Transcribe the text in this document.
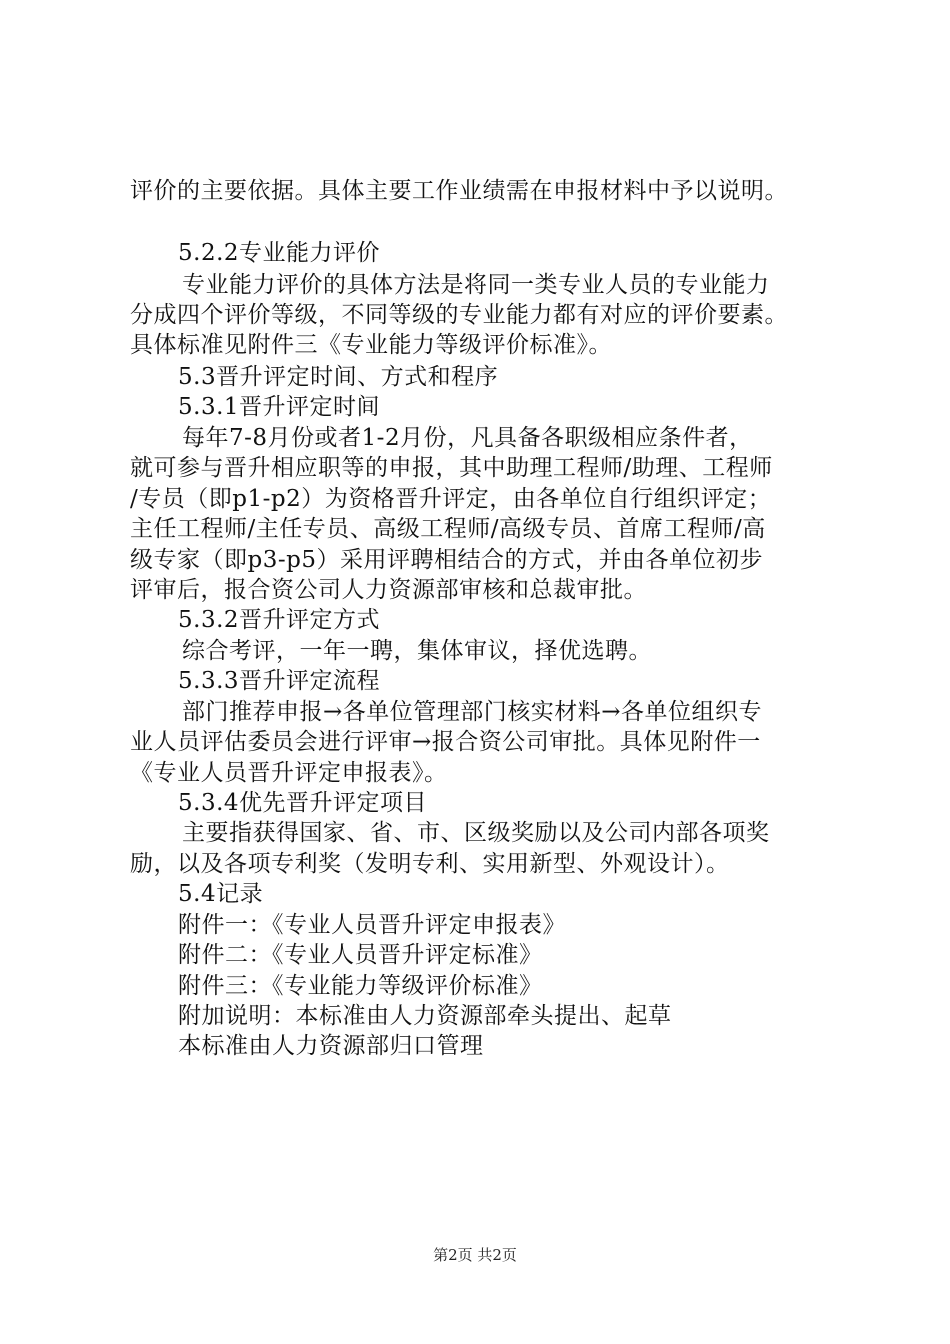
评价的主要依据。具体主要工作业绩需在申报材料中予以说明。
5.2.2专业能力评价
专业能力评价的具体方法是将同一类专业人员的专业能力
分成四个评价等级，不同等级的专业能力都有对应的评价要素。
具体标准见附件三《专业能力等级评价标准》。
5.3晋升评定时间、方式和程序
5.3.1晋升评定时间
每年7-8月份或者1-2月份，凡具备各职级相应条件者，
就可参与晋升相应职等的申报，其中助理工程师/助理、工程师
/专员（即p1-p2）为资格晋升评定，由各单位自行组织评定；
主任工程师/主任专员、高级工程师/高级专员、首席工程师/高
级专家（即p3-p5）采用评聘相结合的方式，并由各单位初步
评审后，报合资公司人力资源部审核和总裁审批。
5.3.2晋升评定方式
综合考评，一年一聘，集体审议，择优选聘。
5.3.3晋升评定流程
部门推荐申报→各单位管理部门核实材料→各单位组织专
业人员评估委员会进行评审→报合资公司审批。具体见附件一
《专业人员晋升评定申报表》。
5.3.4优先晋升评定项目
主要指获得国家、省、市、区级奖励以及公司内部各项奖
励，以及各项专利奖（发明专利、实用新型、外观设计）。
5.4记录
附件一：《专业人员晋升评定申报表》
附件二：《专业人员晋升评定标准》
附件三：《专业能力等级评价标准》
附加说明：本标准由人力资源部牵头提出、起草
本标准由人力资源部归口管理
第2页 共2页
